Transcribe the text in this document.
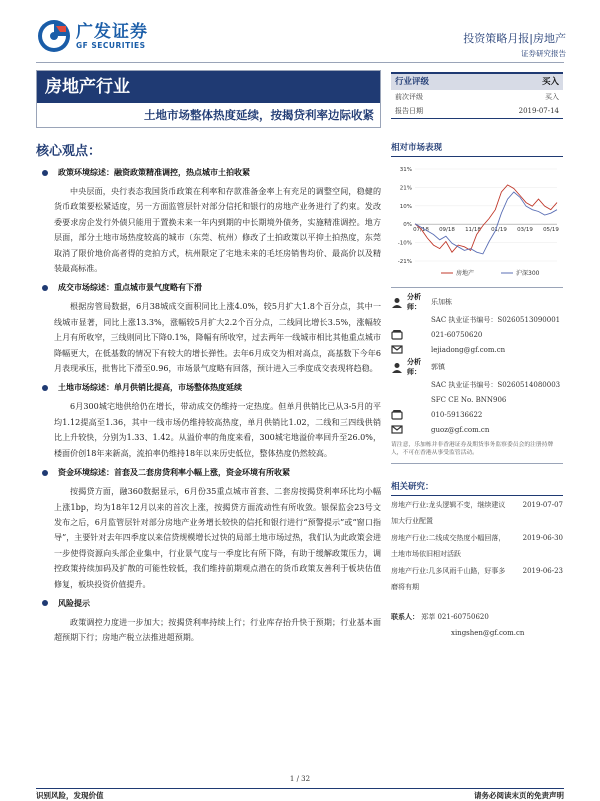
广发证券
GF SECURITIES	投资策略月报|房地产
证券研究报告
房地产行业
土地市场整体热度延续，按揭贷利率边际收紧
核心观点：
政策环境综述：融资政策精准调控，热点城市土拍收紧

中央层面，央行表态我国货币政策在利率和存款准备金率上有充足的调整空间，稳健的货币政策要松紧适度，另一方面监管层针对部分信托和银行的房地产业务进行了约束。发改委要求房企发行外债只能用于置换未来一年内到期的中长期境外债务，实施精准调控。地方层面，部分土地市场热度较高的城市（东莞、杭州）修改了土拍政策以平抑土拍热度，东莞取消了限价地价高者得的竞拍方式，杭州限定了宅地未来的毛坯房销售均价、最高价以及精装最高标准。

成交市场综述：重点城市景气度略有下滑

根据房管局数据，6月38城成交面积同比上涨4.0%，较5月扩大1.8个百分点，其中一线城市显著，同比上涨13.3%，涨幅较5月扩大2.2个百分点，二线同比增长3.5%，涨幅较上月有所收窄，三线则同比下降0.1%，降幅有所收窄，过去两年一线城市相比其他重点城市降幅更大，在低基数的情况下有较大的增长弹性。去年6月成交为相对高点，高基数下今年6月表现承压，批售比下滑至0.96，市场景气度略有回落，预计进入三季度成交表现将趋稳。

土地市场综述：单月供销比提高，市场整体热度延续

6月300城宅地供给仍在增长，带动成交仍维持一定热度。但单月供销比已从3-5月的平均1.12提高至1.36，其中一线市场仍维持较高热度，单月供销比1.02，二线和三四线供销比上升较快，分别为1.33、1.42。从溢价率的角度来看，300城宅地溢价率回升至26.0%，楼面价创18年来新高，流拍率仍维持18年以来历史低位，整体热度仍然较高。

资金环境综述：首套及二套房贷利率小幅上涨，资金环境有所收紧

按揭贷方面，融360数据显示，6月份35重点城市首套、二套房按揭贷利率环比均小幅上涨1bp，均为18年12月以来的首次上涨，按揭贷方面流动性有所收敛。银保监会23号文发布之后，6月监管层针对部分房地产业务增长较快的信托和银行进行“预警提示”或“窗口指导”，主要针对去年四季度以来信贷规模增长过快的局部土地市场过热，我们认为此政策会进一步使得资源向头部企业集中，行业景气度与一季度比有所下降，有助于缓解政策压力，调控政策持续加码及扩散的可能性较低，我们维持前期观点潜在的货币政策友善利于板块估值修复，板块投资价值提升。

风险提示

政策调控力度进一步加大；按揭贷利率持续上行；行业库存抬升快于预期；行业基本面超预期下行；房地产税立法推进超预期。

行业评级	买入
前次评级	买入
报告日期	2019-07-14
相对市场表现
31%
21%
10%
0%
-10%
-21%
07/18 09/18 11/18 01/19 03/19 05/19
房地产	沪深300
分析师：	乐加栋
SAC 执业证书编号：S0260513090001
021-60750620
lejiadong@gf.com.cn
分析师：	郭镇
SAC 执业证书编号：S0260514080003
SFC CE No. BNN906
010-59136622
guoz@gf.com.cn
请注意，乐加栋并非香港证券及期货事务监察委员会的注册持牌人，不可在香港从事受监管活动。
相关研究：
房地产行业:龙头逻辑不变，继续建议加大行业配置
2019-07-07
房地产行业:二线成交热度小幅回落，土地市场依旧相对活跃
2019-06-30
房地产行业:几多风雨千山路，好事多磨将有期
2019-06-23
联系人： 郑莘 021-60750620
xingshen@gf.com.cn
1 / 32
识别风险，发现价值	请务必阅读末页的免责声明
